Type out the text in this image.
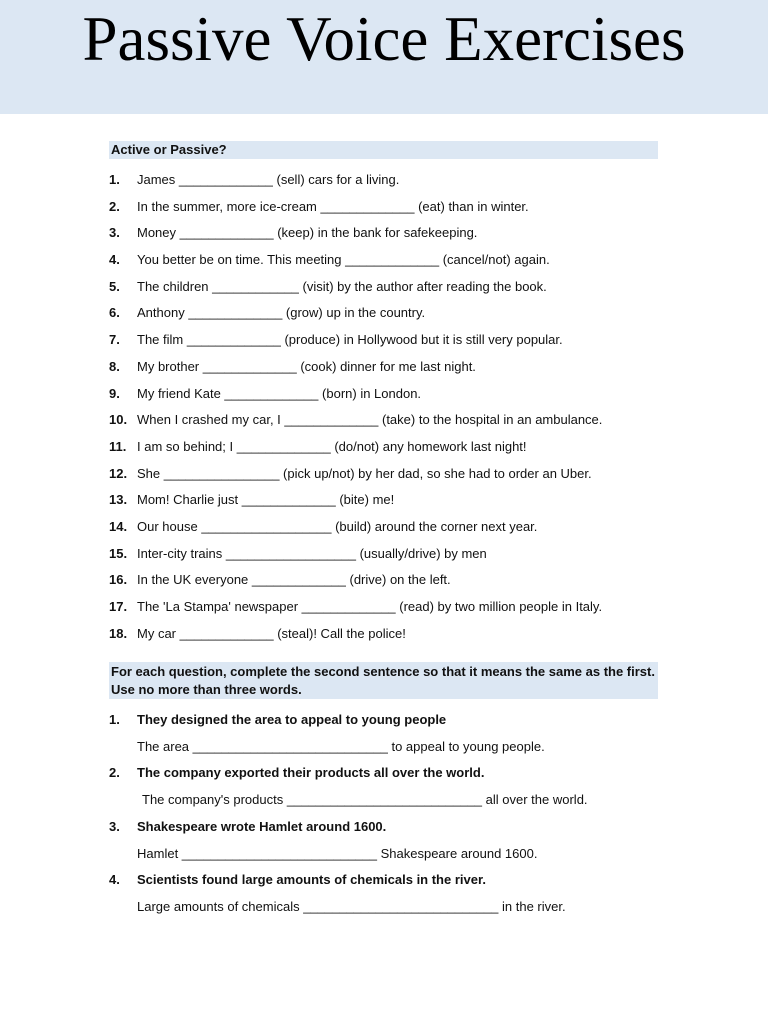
Passive Voice Exercises
Active or Passive?
1. James _____________ (sell) cars for a living.
2. In the summer, more ice-cream _____________ (eat) than in winter.
3. Money _____________ (keep) in the bank for safekeeping.
4. You better be on time. This meeting _____________ (cancel/not) again.
5. The children ____________ (visit) by the author after reading the book.
6. Anthony _____________ (grow) up in the country.
7. The film _____________ (produce) in Hollywood but it is still very popular.
8. My brother _____________ (cook) dinner for me last night.
9. My friend Kate _____________ (born) in London.
10. When I crashed my car, I _____________ (take) to the hospital in an ambulance.
11. I am so behind; I _____________ (do/not) any homework last night!
12. She ________________ (pick up/not) by her dad, so she had to order an Uber.
13. Mom! Charlie just _____________ (bite) me!
14. Our house __________________ (build) around the corner next year.
15. Inter-city trains __________________ (usually/drive) by men
16. In the UK everyone _____________ (drive) on the left.
17. The 'La Stampa' newspaper _____________ (read) by two million people in Italy.
18. My car _____________ (steal)! Call the police!
For each question, complete the second sentence so that it means the same as the first. Use no more than three words.
1. They designed the area to appeal to young people
The area ___________________________ to appeal to young people.
2. The company exported their products all over the world.
The company's products ___________________________ all over the world.
3. Shakespeare wrote Hamlet around 1600.
Hamlet ___________________________ Shakespeare around 1600.
4. Scientists found large amounts of chemicals in the river.
Large amounts of chemicals ___________________________ in the river.
